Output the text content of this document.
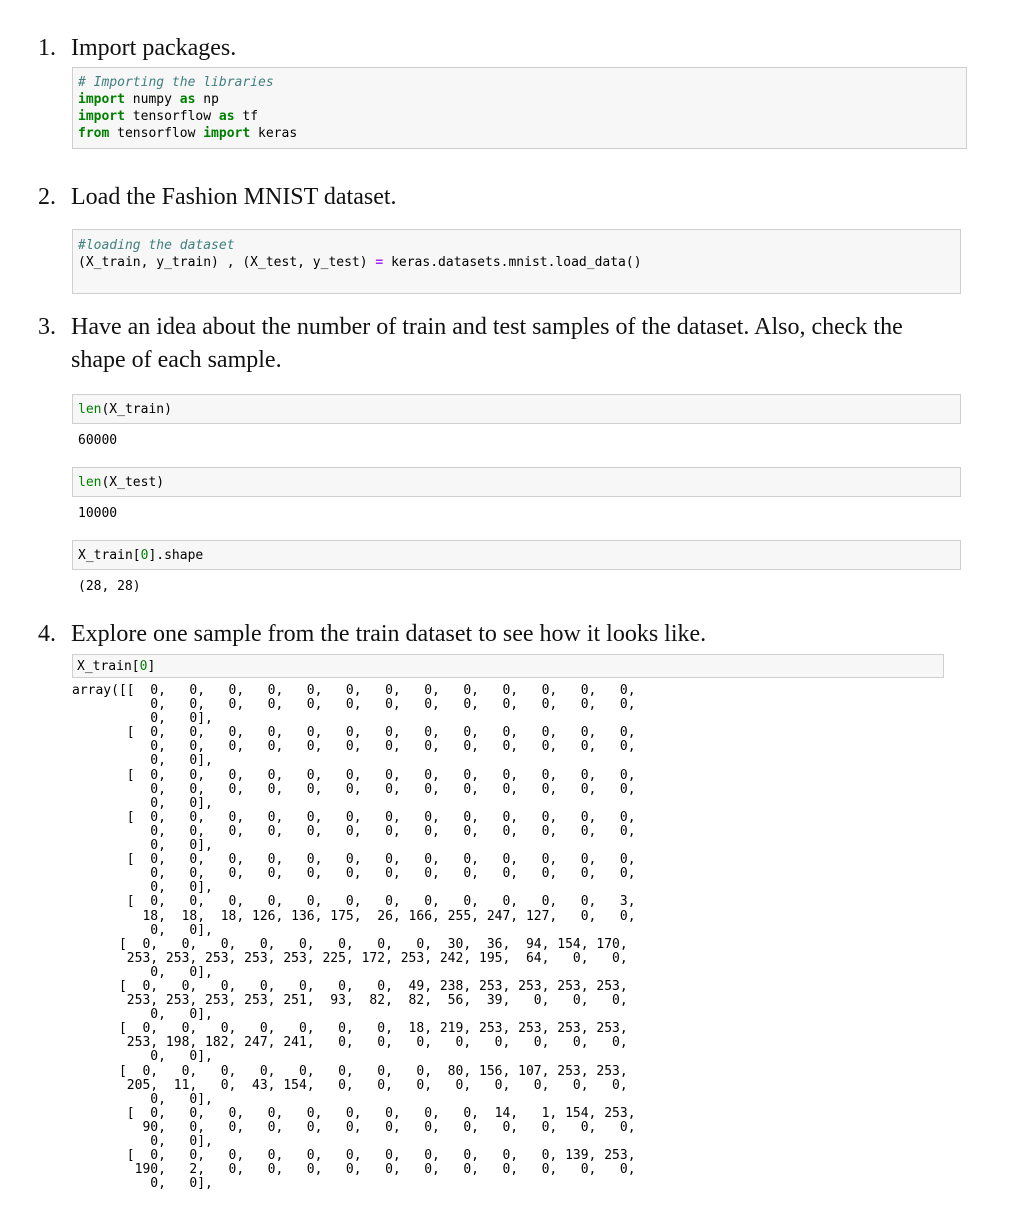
1. Import packages.
# Importing the libraries
import numpy as np
import tensorflow as tf
from tensorflow import keras
2. Load the Fashion MNIST dataset.
#loading the dataset
(X_train, y_train) , (X_test, y_test) = keras.datasets.mnist.load_data()
3. Have an idea about the number of train and test samples of the dataset. Also, check the
shape of each sample.
len(X_train)
60000
len(X_test)
10000
X_train[0].shape
(28, 28)
4. Explore one sample from the train dataset to see how it looks like.
X_train[0]
array([[  0,   0,   0,   0,   0,   0,   0,   0,   0,   0,   0,   0,   0,
0,   0,   0,   0,   0,   0,   0,   0,   0,   0,   0,   0,   0,
0,   0],
[  0,   0,   0,   0,   0,   0,   0,   0,   0,   0,   0,   0,   0,
0,   0,   0,   0,   0,   0,   0,   0,   0,   0,   0,   0,   0,
0,   0],
[  0,   0,   0,   0,   0,   0,   0,   0,   0,   0,   0,   0,   0,
0,   0,   0,   0,   0,   0,   0,   0,   0,   0,   0,   0,   0,
0,   0],
[  0,   0,   0,   0,   0,   0,   0,   0,   0,   0,   0,   0,   0,
0,   0,   0,   0,   0,   0,   0,   0,   0,   0,   0,   0,   0,
0,   0],
[  0,   0,   0,   0,   0,   0,   0,   0,   0,   0,   0,   0,   0,
0,   0,   0,   0,   0,   0,   0,   0,   0,   0,   0,   0,   0,
0,   0],
[  0,   0,   0,   0,   0,   0,   0,   0,   0,   0,   0,   0,   3,
18,  18,  18, 126, 136, 175,  26, 166, 255, 247, 127,   0,   0,
0,   0],
[  0,   0,   0,   0,   0,   0,   0,   0,  30,  36,  94, 154, 170,
253, 253, 253, 253, 253, 225, 172, 253, 242, 195,  64,   0,   0,
0,   0],
[  0,   0,   0,   0,   0,   0,   0,  49, 238, 253, 253, 253, 253,
253, 253, 253, 253, 251,  93,  82,  82,  56,  39,   0,   0,   0,
0,   0],
[  0,   0,   0,   0,   0,   0,   0,  18, 219, 253, 253, 253, 253,
253, 198, 182, 247, 241,   0,   0,   0,   0,   0,   0,   0,   0,
0,   0],
[  0,   0,   0,   0,   0,   0,   0,   0,  80, 156, 107, 253, 253,
205,  11,   0,  43, 154,   0,   0,   0,   0,   0,   0,   0,   0,
0,   0],
[  0,   0,   0,   0,   0,   0,   0,   0,   0,  14,   1, 154, 253,
90,   0,   0,   0,   0,   0,   0,   0,   0,   0,   0,   0,   0,
0,   0],
[  0,   0,   0,   0,   0,   0,   0,   0,   0,   0,   0, 139, 253,
190,   2,   0,   0,   0,   0,   0,   0,   0,   0,   0,   0,   0,
0,   0],
